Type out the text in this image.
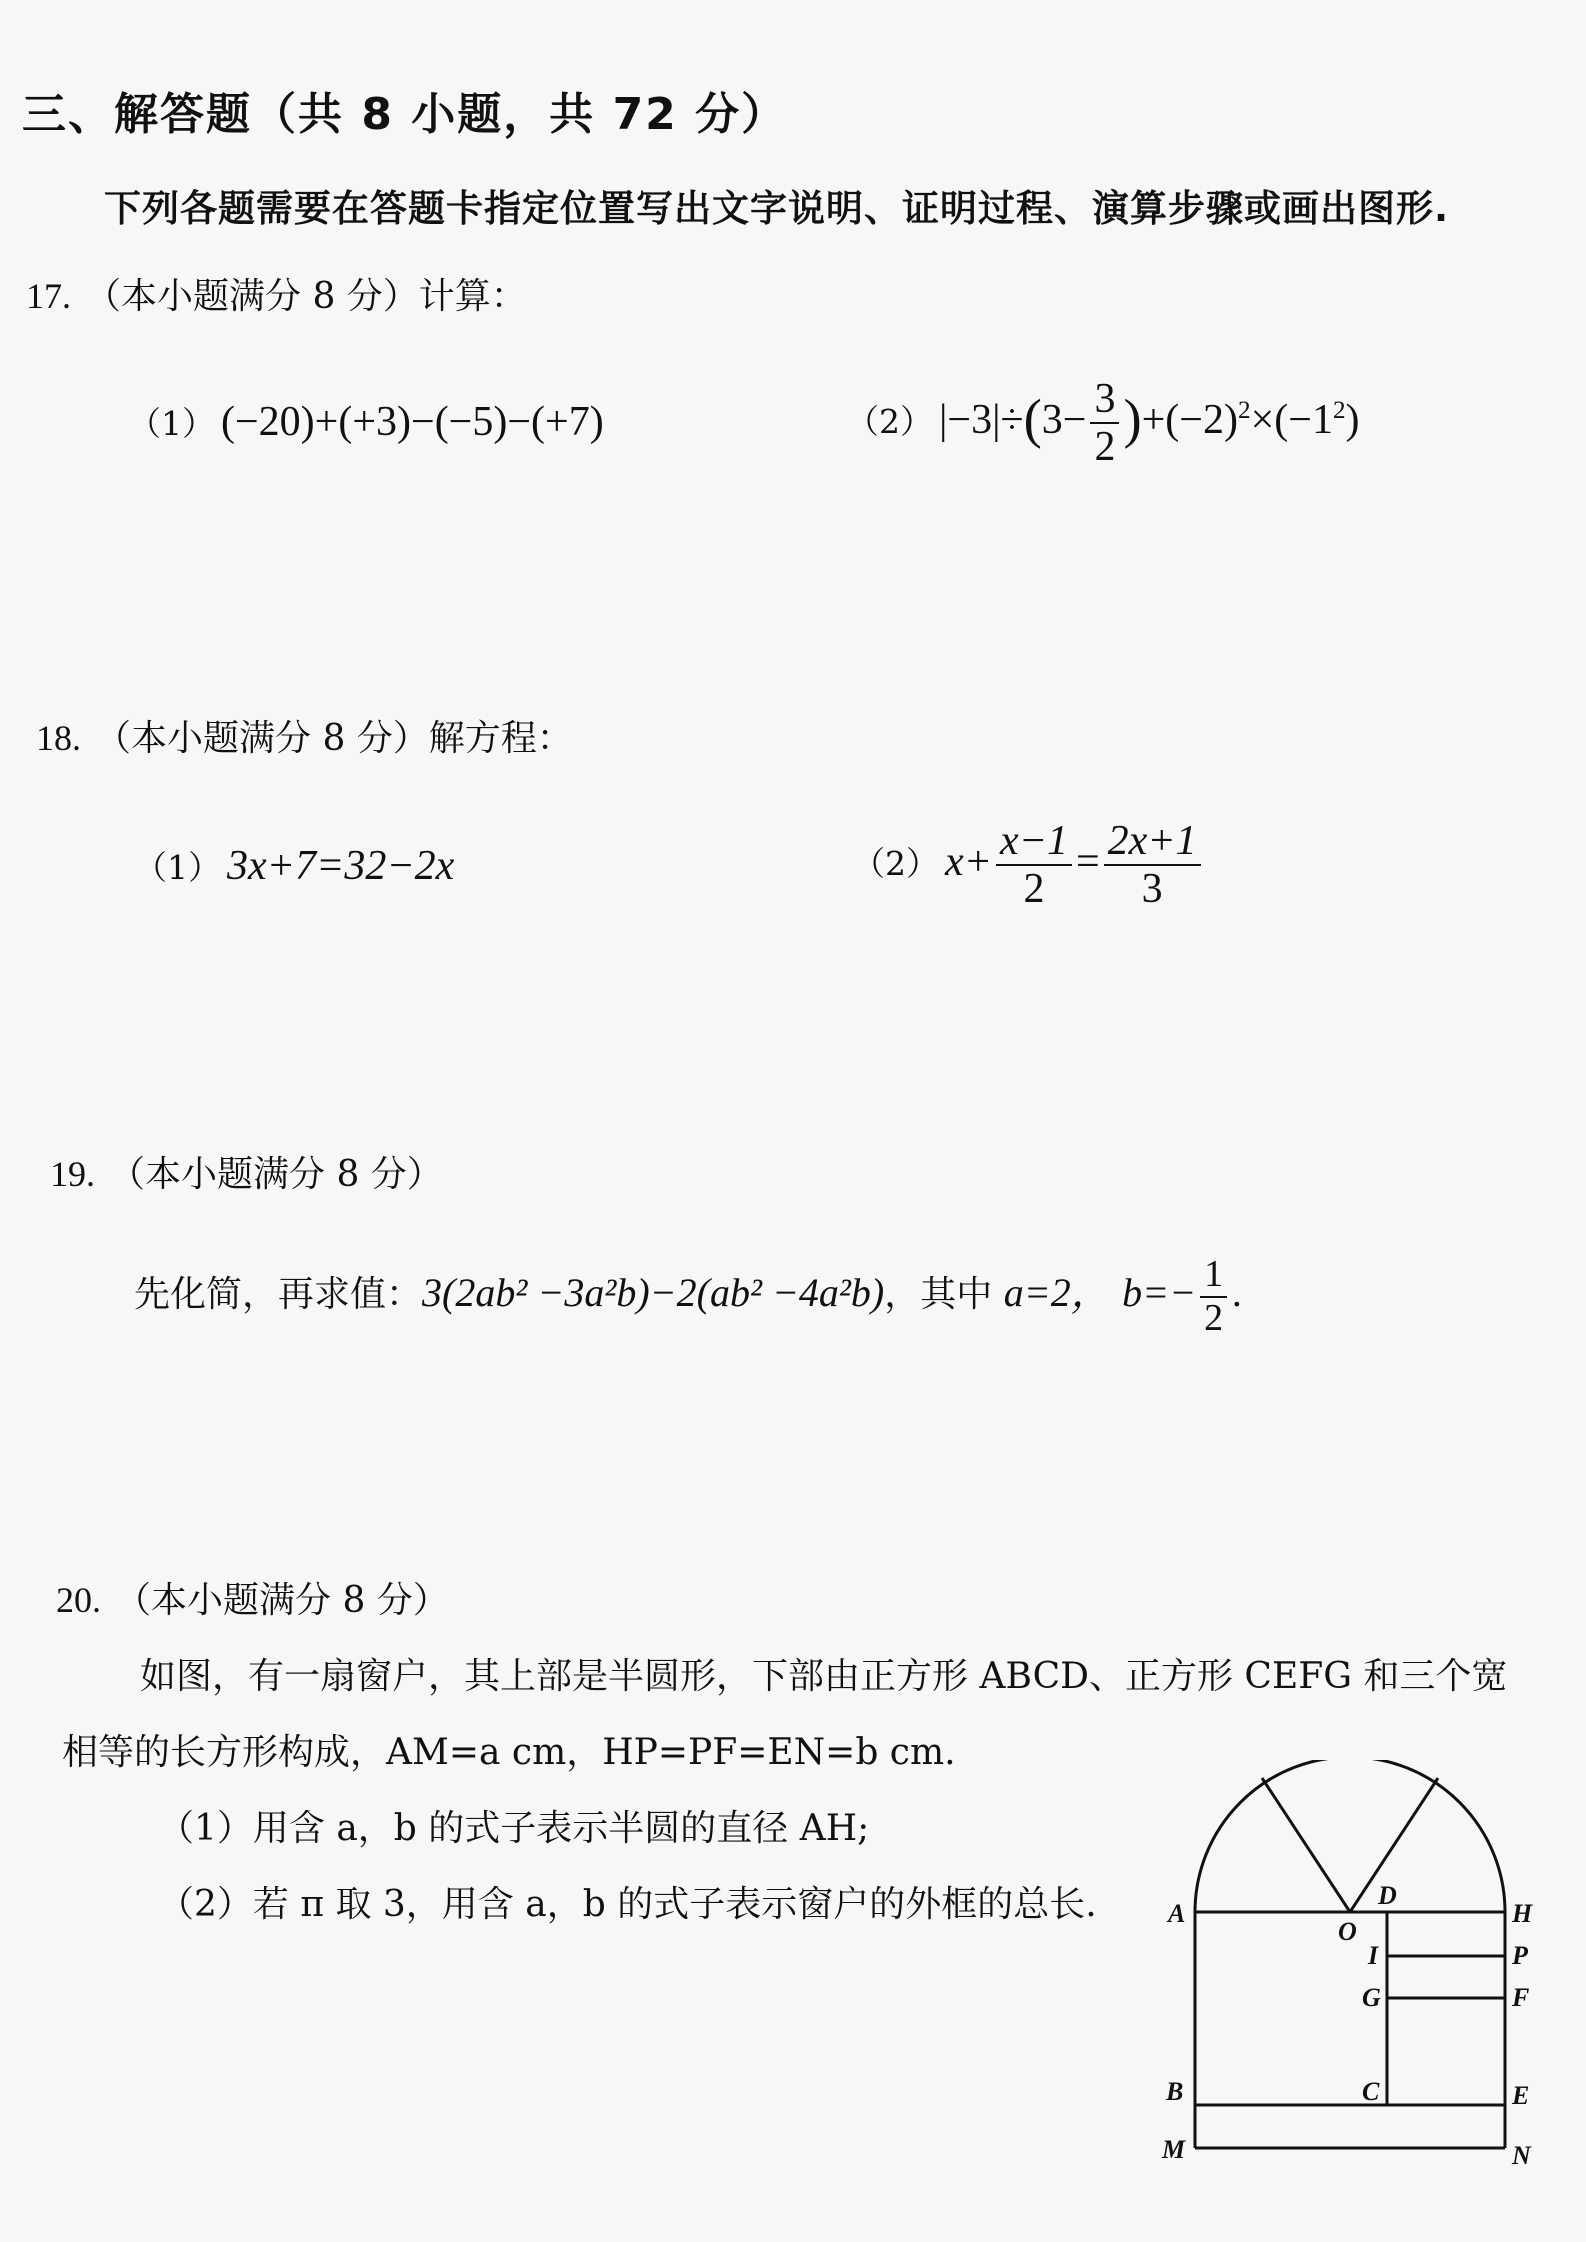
三、解答题（共 8 小题，共 72 分）
下列各题需要在答题卡指定位置写出文字说明、证明过程、演算步骤或画出图形.
17. （本小题满分 8 分）计算：
（1） (−20)+(+3)−(−5)−(+7)	（2） $|-3|\div(3- \frac{3}{2} )+(-2)^2\times(-1^2)$
18. （本小题满分 8 分）解方程：
（1） 3x+7=32−2x	（2） $x+ \frac{x-1}{2} = \frac{2x+1}{3}$
19. （本小题满分 8 分）
先化简，再求值：3(2ab² −3a²b)−2(ab² −4a²b)，其中 a=2， $b=- \frac{1}{2}$ .
20. （本小题满分 8 分）
如图，有一扇窗户，其上部是半圆形，下部由正方形 ABCD、正方形 CEFG 和三个宽
相等的长方形构成，AM=a cm，HP=PF=EN=b cm.
（1）用含 a，b 的式子表示半圆的直径 AH;
（2）若 π 取 3，用含 a，b 的式子表示窗户的外框的总长.	A
D
H
O
I	P
G	F
B	C	E
M	N
